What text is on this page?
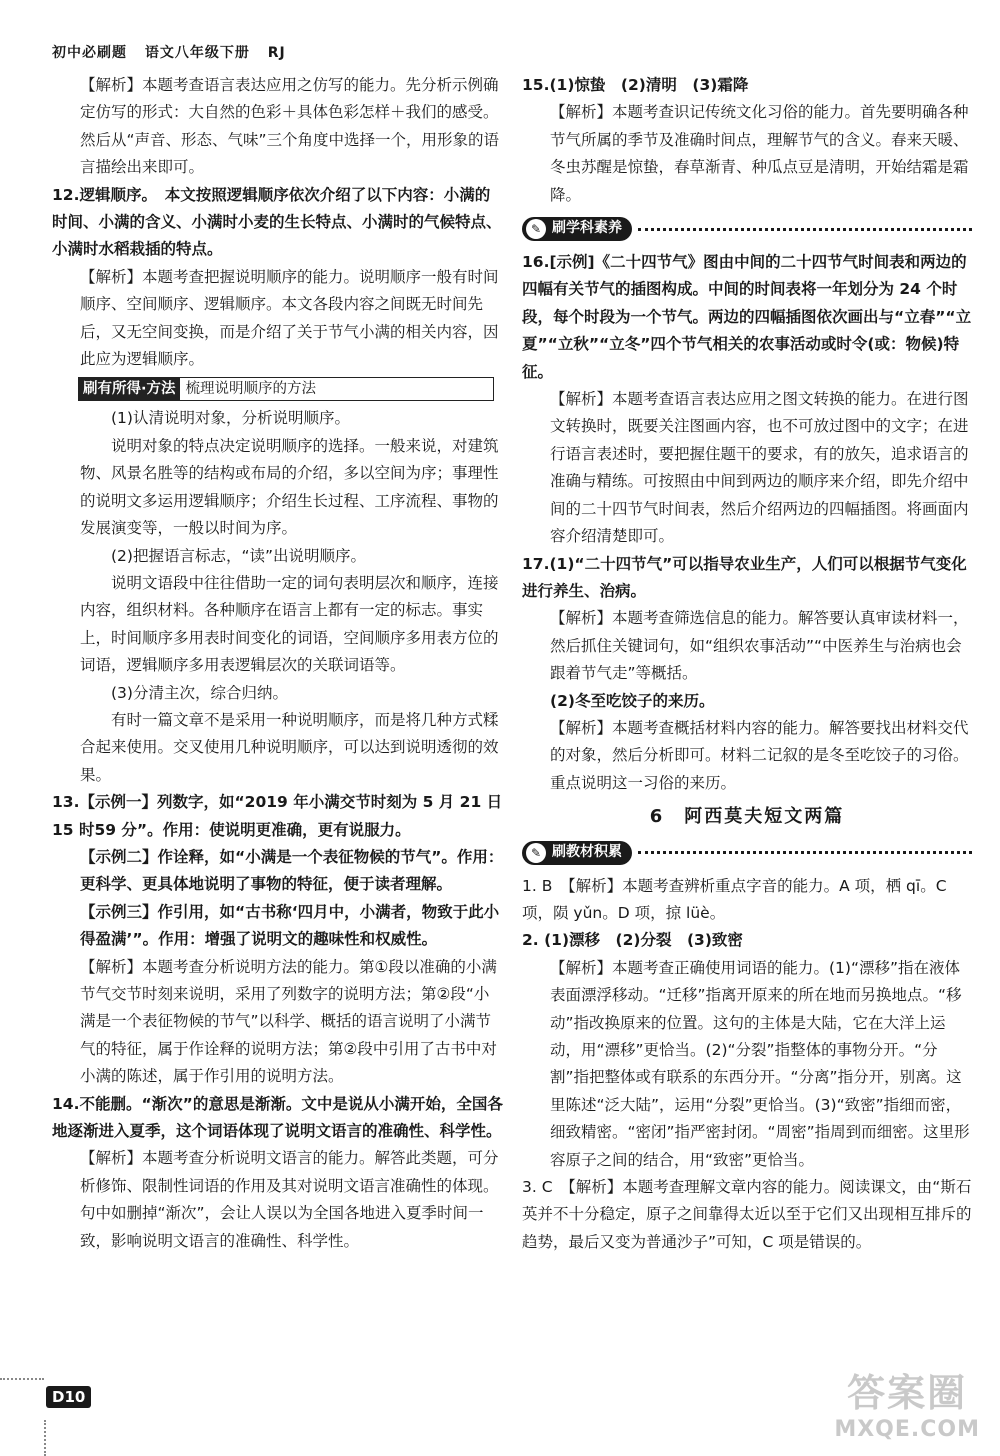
初中必刷题 语文八年级下册 RJ

【解析】本题考查语言表达应用之仿写的能力。先分析示例确定仿写的形式：大自然的色彩＋具体色彩怎样＋我们的感受。然后从“声音、形态、气味”三个角度中选择一个，用形象的语言描绘出来即可。

12.逻辑顺序。　本文按照逻辑顺序依次介绍了以下内容：小满的时间、小满的含义、小满时小麦的生长特点、小满时的气候特点、小满时水稻栽插的特点。

【解析】本题考查把握说明顺序的能力。说明顺序一般有时间顺序、空间顺序、逻辑顺序。本文各段内容之间既无时间先后，又无空间变换，而是介绍了关于节气小满的相关内容，因此应为逻辑顺序。

刷有所得·方法 梳理说明顺序的方法

(1)认清说明对象，分析说明顺序。

说明对象的特点决定说明顺序的选择。一般来说，对建筑物、风景名胜等的结构或布局的介绍，多以空间为序；事理性的说明文多运用逻辑顺序；介绍生长过程、工序流程、事物的发展演变等，一般以时间为序。

(2)把握语言标志，“读”出说明顺序。

说明文语段中往往借助一定的词句表明层次和顺序，连接内容，组织材料。各种顺序在语言上都有一定的标志。事实上，时间顺序多用表时间变化的词语，空间顺序多用表方位的词语，逻辑顺序多用表逻辑层次的关联词语等。

(3)分清主次，综合归纳。

有时一篇文章不是采用一种说明顺序，而是将几种方式糅合起来使用。交叉使用几种说明顺序，可以达到说明透彻的效果。

13.【示例一】列数字，如“2019 年小满交节时刻为 5 月 21 日 15 时59 分”。作用：使说明更准确，更有说服力。

【示例二】作诠释，如“小满是一个表征物候的节气”。作用：更科学、更具体地说明了事物的特征，便于读者理解。

【示例三】作引用，如“古书称‘四月中，小满者，物致于此小得盈满’”。作用：增强了说明文的趣味性和权威性。

【解析】本题考查分析说明方法的能力。第①段以准确的小满节气交节时刻来说明，采用了列数字的说明方法；第②段“小满是一个表征物候的节气”以科学、概括的语言说明了小满节气的特征，属于作诠释的说明方法；第②段中引用了古书中对小满的陈述，属于作引用的说明方法。

14.不能删。“渐次”的意思是渐渐。文中是说从小满开始，全国各地逐渐进入夏季，这个词语体现了说明文语言的准确性、科学性。

【解析】本题考查分析说明文语言的能力。解答此类题，可分析修饰、限制性词语的作用及其对说明文语言准确性的体现。句中如删掉“渐次”，会让人误以为全国各地进入夏季时间一致，影响说明文语言的准确性、科学性。

15.(1)惊蛰　(2)清明　(3)霜降

【解析】本题考查识记传统文化习俗的能力。首先要明确各种节气所属的季节及准确时间点，理解节气的含义。春来天暖、冬虫苏醒是惊蛰，春草渐青、种瓜点豆是清明，开始结霜是霜降。

✎ 刷学科素养

16.[示例]《二十四节气》图由中间的二十四节气时间表和两边的四幅有关节气的插图构成。中间的时间表将一年划分为 24 个时段，每个时段为一个节气。两边的四幅插图依次画出与“立春”“立夏”“立秋”“立冬”四个节气相关的农事活动或时令(或：物候)特征。

【解析】本题考查语言表达应用之图文转换的能力。在进行图文转换时，既要关注图画内容，也不可放过图中的文字；在进行语言表述时，要把握住题干的要求，有的放矢，追求语言的准确与精练。可按照由中间到两边的顺序来介绍，即先介绍中间的二十四节气时间表，然后介绍两边的四幅插图。将画面内容介绍清楚即可。

17.(1)“二十四节气”可以指导农业生产，人们可以根据节气变化进行养生、治病。

【解析】本题考查筛选信息的能力。解答要认真审读材料一，然后抓住关键词句，如“组织农事活动”“中医养生与治病也会跟着节气走”等概括。

(2)冬至吃饺子的来历。

【解析】本题考查概括材料内容的能力。解答要找出材料交代的对象，然后分析即可。材料二记叙的是冬至吃饺子的习俗。重点说明这一习俗的来历。

6　阿西莫夫短文两篇
✎ 刷教材积累

1. B　【解析】本题考查辨析重点字音的能力。A 项，栖 qī。C 项，陨 yǔn。D 项，掠 lüè。

2. (1)漂移　(2)分裂　(3)致密

【解析】本题考查正确使用词语的能力。(1)“漂移”指在液体表面漂浮移动。“迁移”指离开原来的所在地而另换地点。“移动”指改换原来的位置。这句的主体是大陆，它在大洋上运动，用“漂移”更恰当。(2)“分裂”指整体的事物分开。“分割”指把整体或有联系的东西分开。“分离”指分开，别离。这里陈述“泛大陆”，运用“分裂”更恰当。(3)“致密”指细而密，细致精密。“密闭”指严密封闭。“周密”指周到而细密。这里形容原子之间的结合，用“致密”更恰当。

3. C　【解析】本题考查理解文章内容的能力。阅读课文，由“斯石英并不十分稳定，原子之间靠得太近以至于它们又出现相互排斥的趋势，最后又变为普通沙子”可知，C 项是错误的。

D10	答案圈
MXQE.COM
